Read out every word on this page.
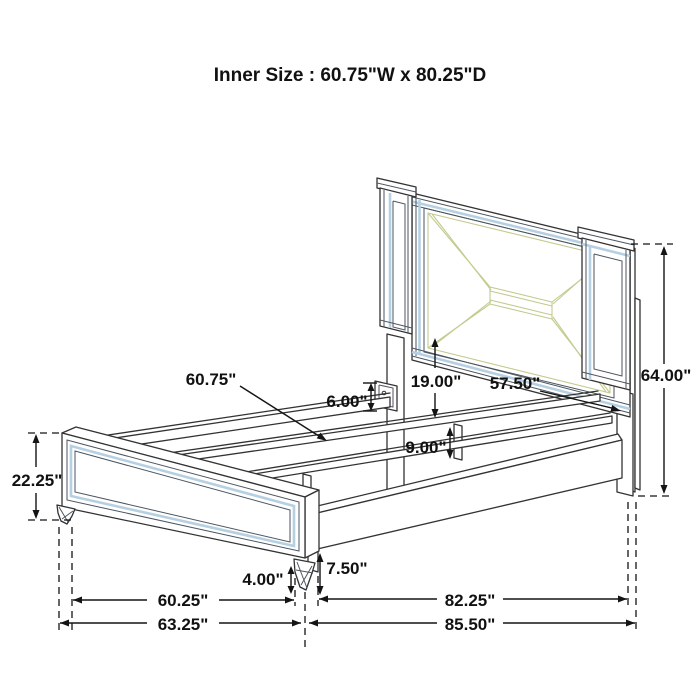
Inner Size : 60.75"W x 80.25"D
60.75"
6.00"
19.00" 57.50"	64.00"
9.00"
22.25"
4.00"
7.50"
60.25"	82.25"
63.25"	85.50"
